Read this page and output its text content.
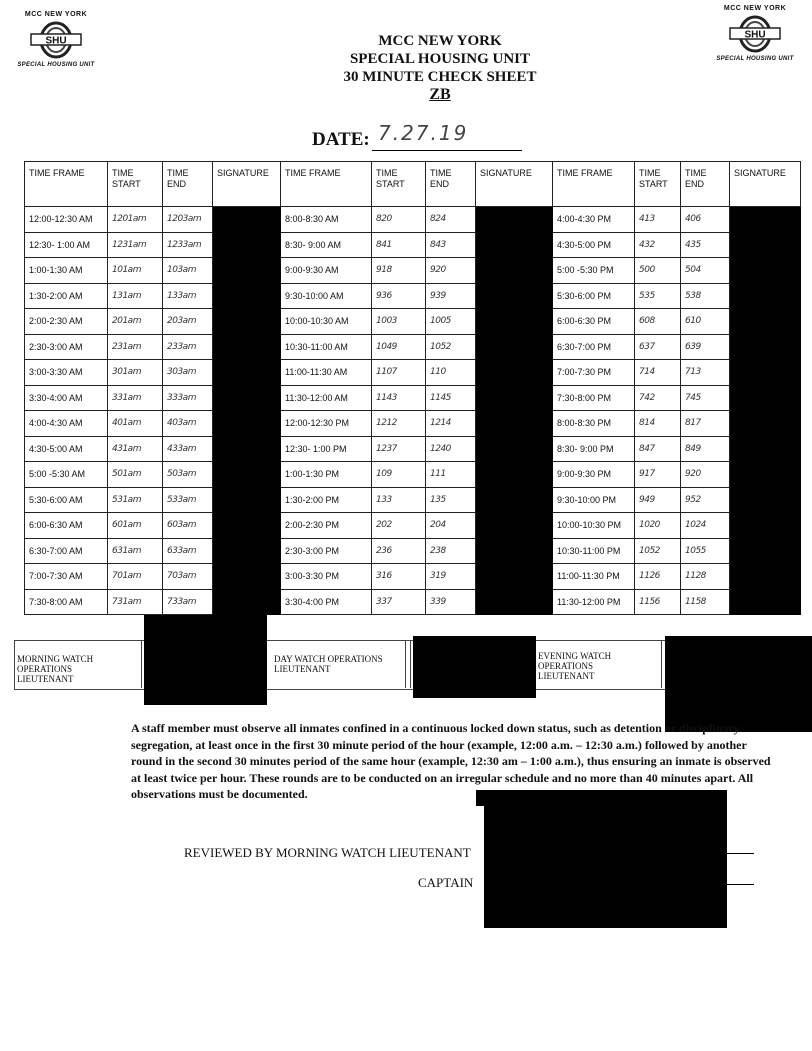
MCC NEW YORK
SHU
SPECIAL HOUSING UNIT
MCC NEW YORK
SHU
SPECIAL HOUSING UNIT
MCC NEW YORK
SPECIAL HOUSING UNIT
30 MINUTE CHECK SHEET
ZB
DATE: 7.27.19
TIME FRAME	TIME START	TIME END	SIGNATURE	TIME FRAME	TIME START	TIME END	SIGNATURE	TIME FRAME	TIME START	TIME END	SIGNATURE
12:00-12:30 AM	1201am	1203am		8:00-8:30 AM	820	824		4:00-4:30 PM	413	406	
12:30- 1:00 AM	1231am	1233am		8:30- 9:00 AM	841	843		4:30-5:00 PM	432	435	
1:00-1:30 AM	101am	103am		9:00-9:30 AM	918	920		5:00 -5:30 PM	500	504	
1:30-2:00 AM	131am	133am		9:30-10:00 AM	936	939		5:30-6:00 PM	535	538	
2:00-2:30 AM	201am	203am		10:00-10:30 AM	1003	1005		6:00-6:30 PM	608	610	
2:30-3:00 AM	231am	233am		10:30-11:00 AM	1049	1052		6:30-7:00 PM	637	639	
3:00-3:30 AM	301am	303am		11:00-11:30 AM	1107	110		7:00-7:30 PM	714	713	
3:30-4:00 AM	331am	333am		11:30-12:00 AM	1143	1145		7:30-8:00 PM	742	745	
4:00-4:30 AM	401am	403am		12:00-12:30 PM	1212	1214		8:00-8:30 PM	814	817	
4:30-5:00 AM	431am	433am		12:30- 1:00 PM	1237	1240		8:30- 9:00 PM	847	849	
5:00 -5:30 AM	501am	503am		1:00-1:30 PM	109	111		9:00-9:30 PM	917	920	
5:30-6:00 AM	531am	533am		1:30-2:00 PM	133	135		9:30-10:00 PM	949	952	
6:00-6:30 AM	601am	603am		2:00-2:30 PM	202	204		10:00-10:30 PM	1020	1024	
6:30-7:00 AM	631am	633am		2:30-3:00 PM	236	238		10:30-11:00 PM	1052	1055	
7:00-7:30 AM	701am	703am		3:00-3:30 PM	316	319		11:00-11:30 PM	1126	1128	
7:30-8:00 AM	731am	733am		3:30-4:00 PM	337	339		11:30-12:00 PM	1156	1158	
MORNING WATCH OPERATIONS LIEUTENANT
DAY WATCH OPERATIONS LIEUTENANT
EVENING WATCH OPERATIONS LIEUTENANT
A staff member must observe all inmates confined in a continuous locked down status, such as detention or disciplinary segregation, at least once in the first 30 minute period of the hour (example, 12:00 a.m. – 12:30 a.m.) followed by another round in the second 30 minutes period of the same hour (example, 12:30 am – 1:00 a.m.), thus ensuring an inmate is observed at least twice per hour. These rounds are to be conducted on an irregular schedule and no more than 40 minutes apart. All observations must be documented.
REVIEWED BY MORNING WATCH LIEUTENANT
CAPTAIN
